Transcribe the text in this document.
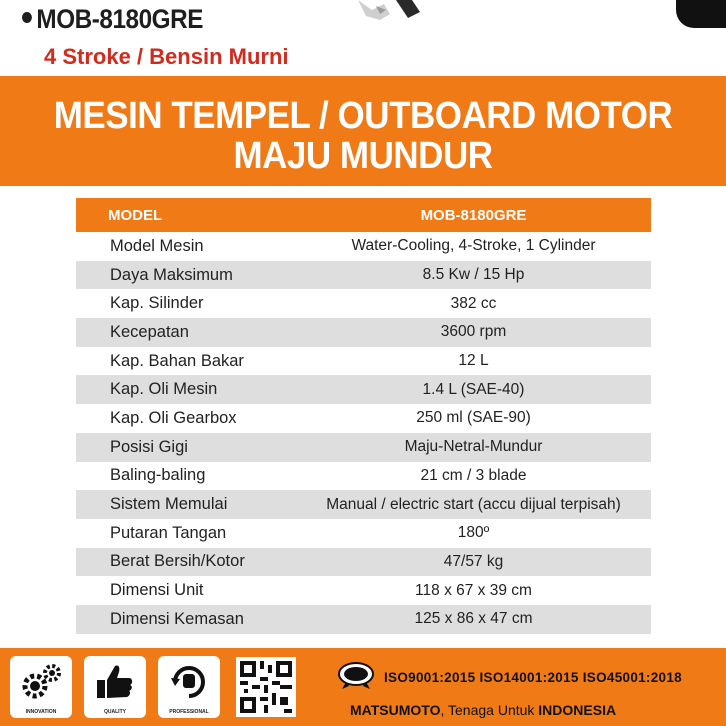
MOB-8180GRE
4 Stroke / Bensin Murni
MESIN TEMPEL / OUTBOARD MOTOR
MAJU MUNDUR
MODEL	MOB-8180GRE
Model Mesin	Water-Cooling, 4-Stroke, 1 Cylinder
Daya Maksimum	8.5 Kw / 15 Hp
Kap. Silinder	382 cc
Kecepatan	3600 rpm
Kap. Bahan Bakar	12 L
Kap. Oli Mesin	1.4 L (SAE-40)
Kap. Oli Gearbox	250 ml (SAE-90)
Posisi Gigi	Maju-Netral-Mundur
Baling-baling	21 cm / 3 blade
Sistem Memulai	Manual / electric start (accu dijual terpisah)
Putaran Tangan	180º
Berat Bersih/Kotor	47/57 kg
Dimensi Unit	118 x 67 x 39 cm
Dimensi Kemasan	125 x 86 x 47 cm
INNOVATION	QUALITY	PROFESSIONAL
ISO9001:2015 ISO14001:2015 ISO45001:2018
MATSUMOTO, Tenaga Untuk INDONESIA
